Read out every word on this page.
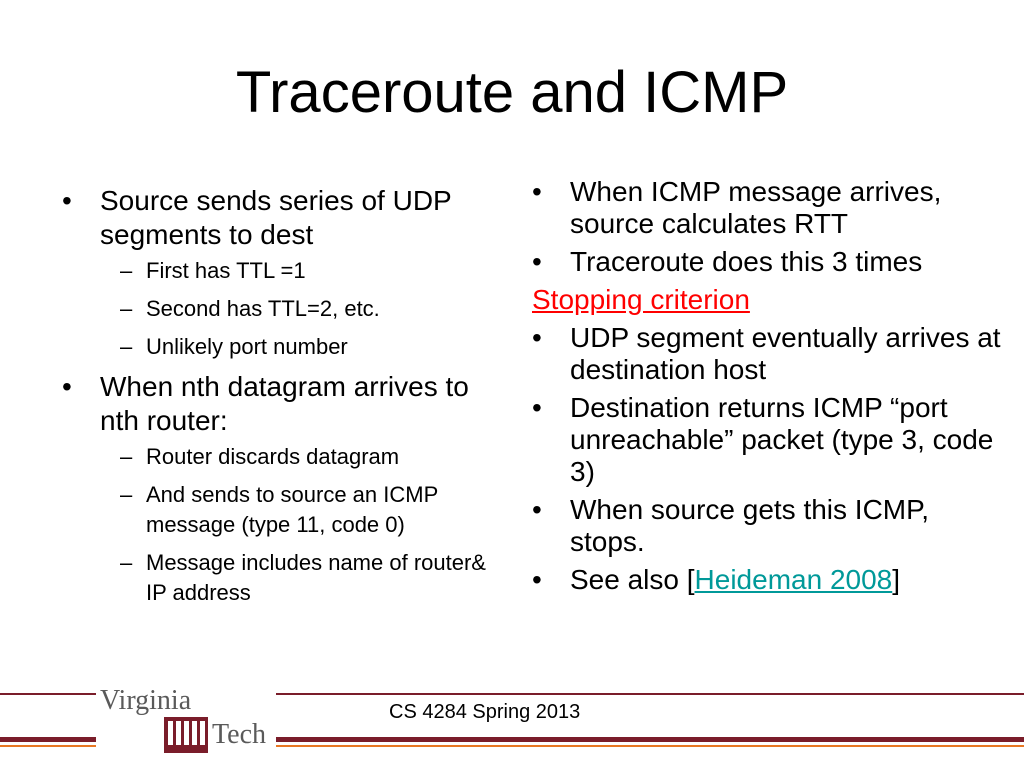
Traceroute and ICMP
• Source sends series of UDP segments to dest
– First has TTL =1
– Second has TTL=2, etc.
– Unlikely port number
• When nth datagram arrives to nth router:
– Router discards datagram
– And sends to source an ICMP message (type 11, code 0)
– Message includes name of router& IP address
• When ICMP message arrives, source calculates RTT
• Traceroute does this 3 times
Stopping criterion
• UDP segment eventually arrives at destination host
• Destination returns ICMP “port unreachable” packet (type 3, code 3)
• When source gets this ICMP, stops.
• See also [Heideman 2008]
Virginia
1 8 7 2
Tech
CS 4284 Spring 2013
